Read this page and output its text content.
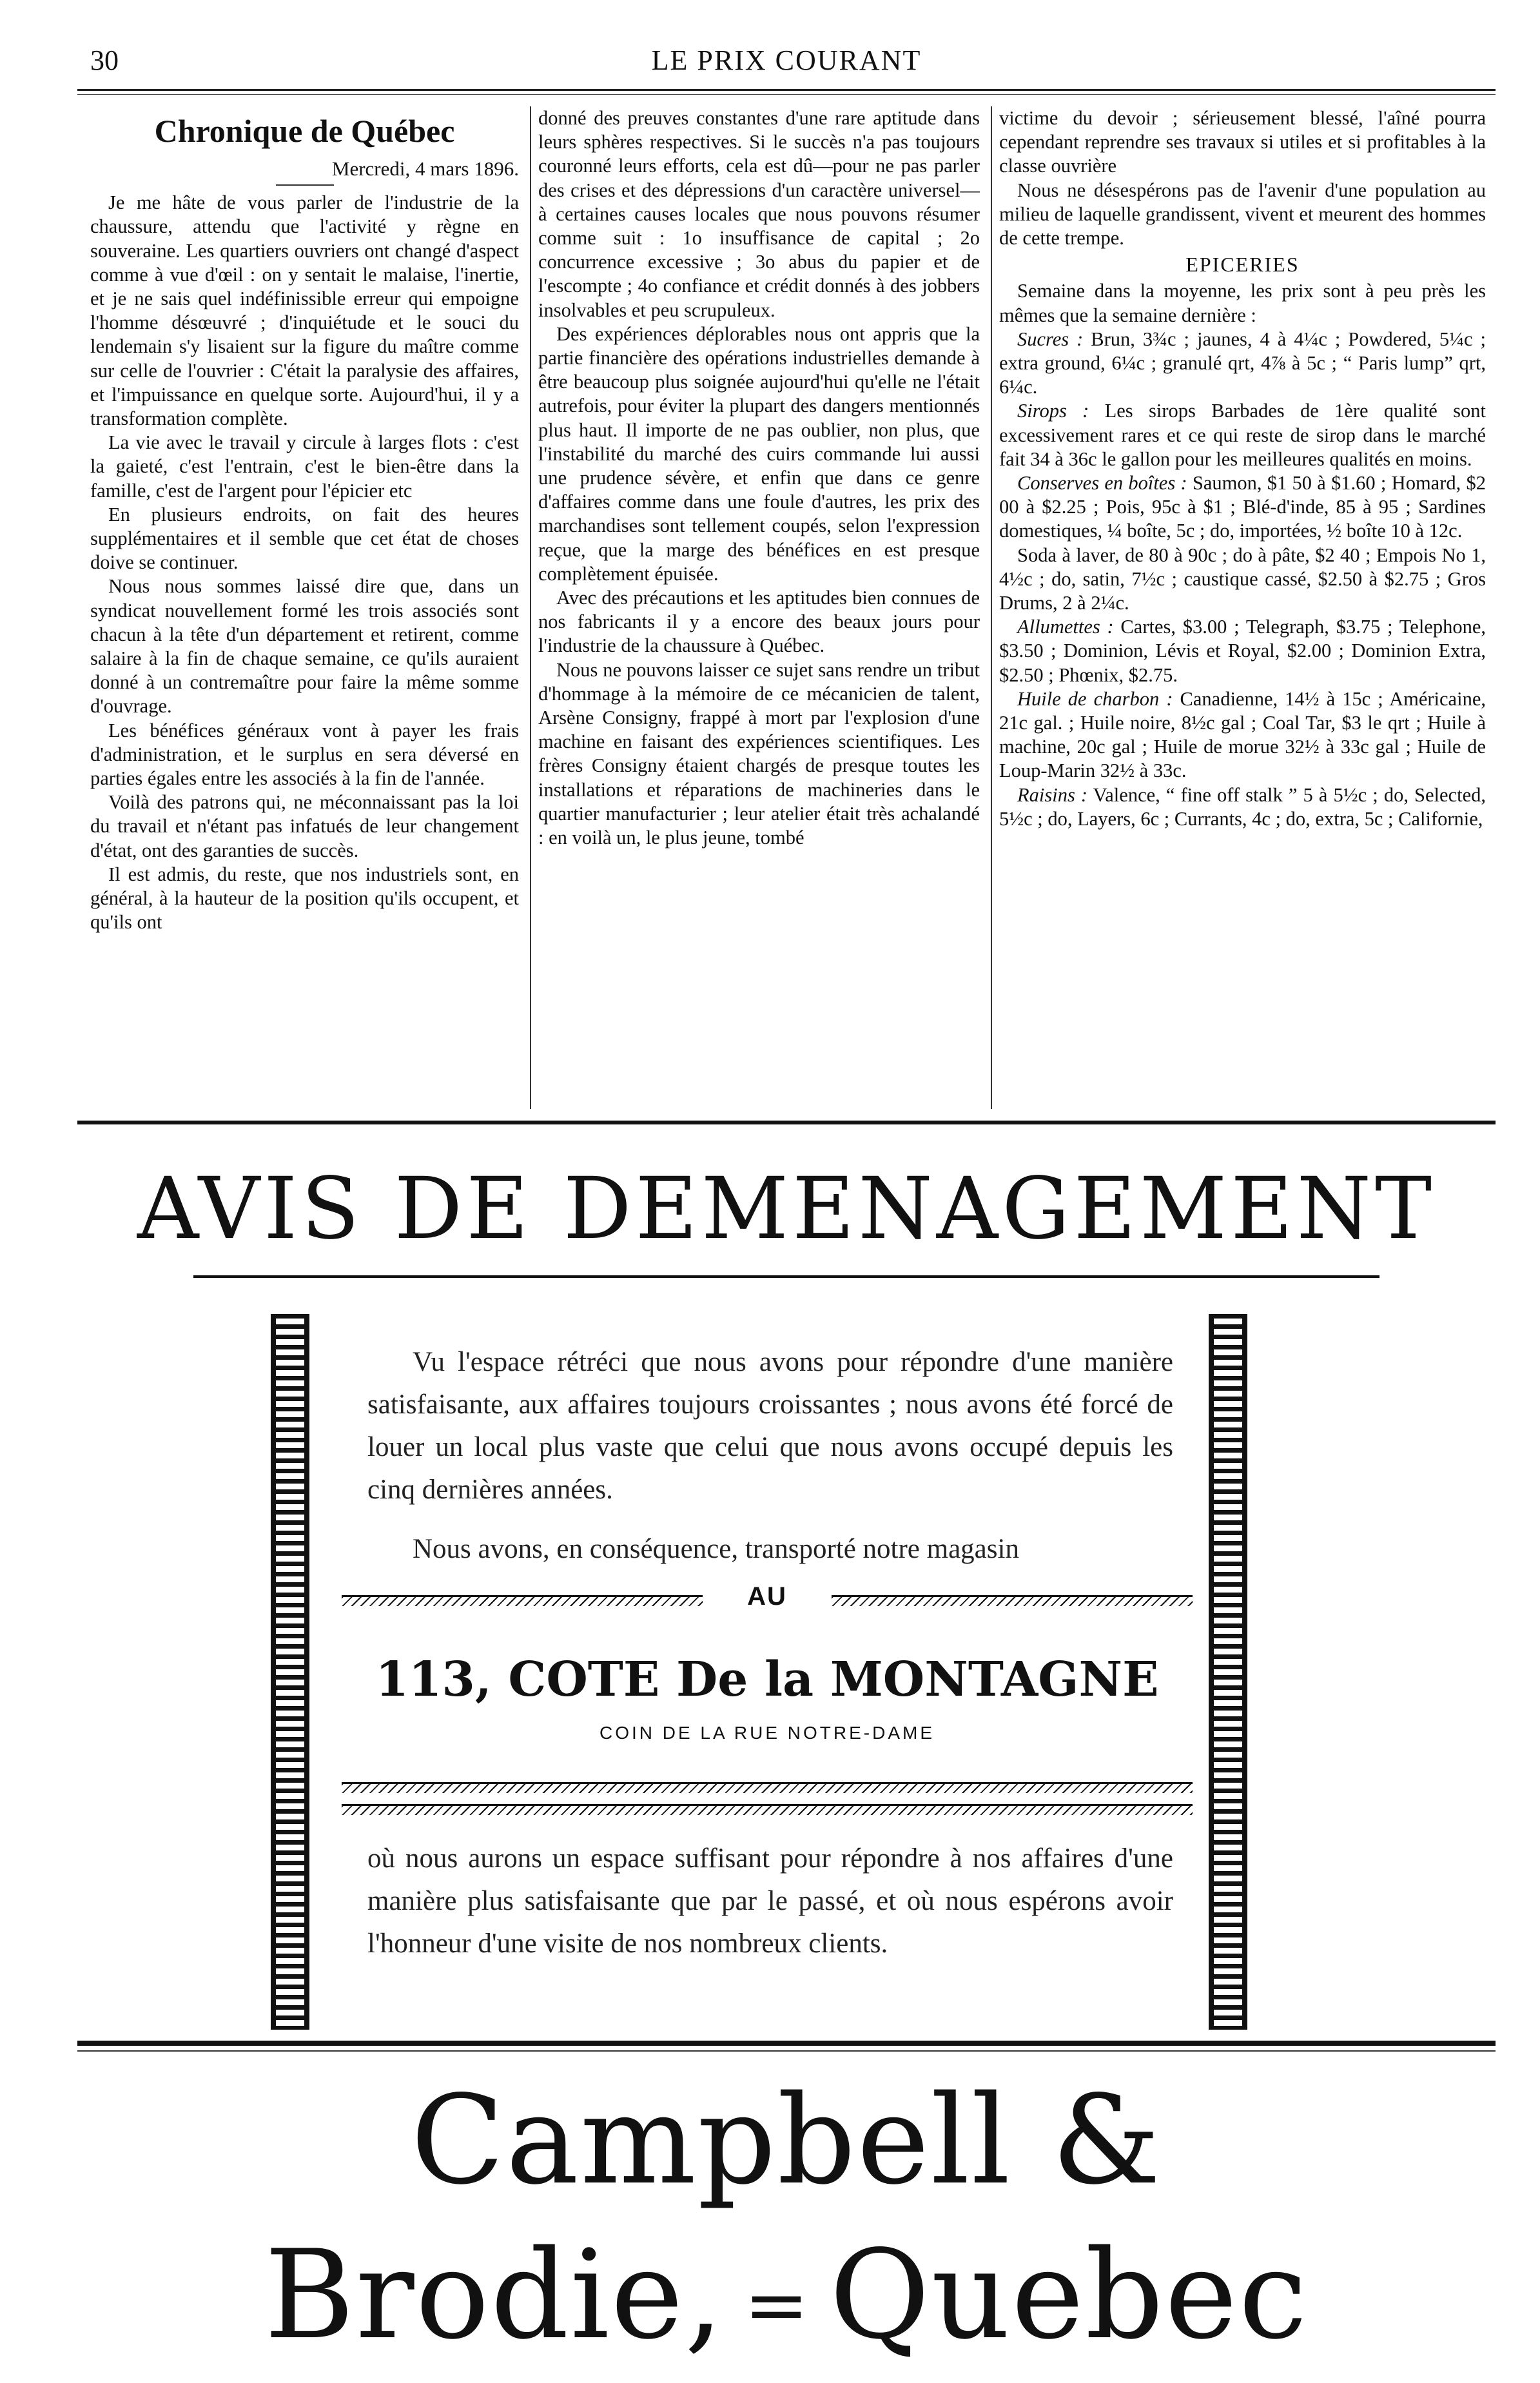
30	LE PRIX COURANT
Chronique de Québec
Mercredi, 4 mars 1896.

Je me hâte de vous parler de l'industrie de la chaussure, attendu que l'activité y règne en souveraine. Les quartiers ouvriers ont changé d'aspect comme à vue d'œil : on y sentait le malaise, l'inertie, et je ne sais quel indéfinissible erreur qui empoigne l'homme désœuvré ; d'inquiétude et le souci du lendemain s'y lisaient sur la figure du maître comme sur celle de l'ouvrier : C'était la paralysie des affaires, et l'impuissance en quelque sorte. Aujourd'hui, il y a transformation complète.

La vie avec le travail y circule à larges flots : c'est la gaieté, c'est l'entrain, c'est le bien-être dans la famille, c'est de l'argent pour l'épicier etc

En plusieurs endroits, on fait des heures supplémentaires et il semble que cet état de choses doive se continuer.

Nous nous sommes laissé dire que, dans un syndicat nouvellement formé les trois associés sont chacun à la tête d'un département et retirent, comme salaire à la fin de chaque semaine, ce qu'ils auraient donné à un contremaître pour faire la même somme d'ouvrage.

Les bénéfices généraux vont à payer les frais d'administration, et le surplus en sera déversé en parties égales entre les associés à la fin de l'année.

Voilà des patrons qui, ne méconnaissant pas la loi du travail et n'étant pas infatués de leur changement d'état, ont des garanties de succès.

Il est admis, du reste, que nos industriels sont, en général, à la hauteur de la position qu'ils occupent, et qu'ils ont

donné des preuves constantes d'une rare aptitude dans leurs sphères respectives. Si le succès n'a pas toujours couronné leurs efforts, cela est dû—pour ne pas parler des crises et des dépressions d'un caractère universel—à certaines causes locales que nous pouvons résumer comme suit : 1o insuffisance de capital ; 2o concurrence excessive ; 3o abus du papier et de l'escompte ; 4o confiance et crédit donnés à des jobbers insolvables et peu scrupuleux.

Des expériences déplorables nous ont appris que la partie financière des opérations industrielles demande à être beaucoup plus soignée aujourd'hui qu'elle ne l'était autrefois, pour éviter la plupart des dangers mentionnés plus haut. Il importe de ne pas oublier, non plus, que l'instabilité du marché des cuirs commande lui aussi une prudence sévère, et enfin que dans ce genre d'affaires comme dans une foule d'autres, les prix des marchandises sont tellement coupés, selon l'expression reçue, que la marge des bénéfices en est presque complètement épuisée.

Avec des précautions et les aptitudes bien connues de nos fabricants il y a encore des beaux jours pour l'industrie de la chaussure à Québec.

Nous ne pouvons laisser ce sujet sans rendre un tribut d'hommage à la mémoire de ce mécanicien de talent, Arsène Consigny, frappé à mort par l'explosion d'une machine en faisant des expériences scientifiques. Les frères Consigny étaient chargés de presque toutes les installations et réparations de machineries dans le quartier manufacturier ; leur atelier était très achalandé : en voilà un, le plus jeune, tombé

victime du devoir ; sérieusement blessé, l'aîné pourra cependant reprendre ses travaux si utiles et si profitables à la classe ouvrière

Nous ne désespérons pas de l'avenir d'une population au milieu de laquelle grandissent, vivent et meurent des hommes de cette trempe.

EPICERIES

Semaine dans la moyenne, les prix sont à peu près les mêmes que la semaine dernière :

Sucres : Brun, 3¾c ; jaunes, 4 à 4¼c ; Powdered, 5¼c ; extra ground, 6¼c ; granulé qrt, 4⅞ à 5c ; “ Paris lump” qrt, 6¼c.

Sirops : Les sirops Barbades de 1ère qualité sont excessivement rares et ce qui reste de sirop dans le marché fait 34 à 36c le gallon pour les meilleures qualités en moins.

Conserves en boîtes : Saumon, $1 50 à $1.60 ; Homard, $2 00 à $2.25 ; Pois, 95c à $1 ; Blé-d'inde, 85 à 95 ; Sardines domestiques, ¼ boîte, 5c ; do, importées, ½ boîte 10 à 12c.

Soda à laver, de 80 à 90c ; do à pâte, $2 40 ; Empois No 1, 4½c ; do, satin, 7½c ; caustique cassé, $2.50 à $2.75 ; Gros Drums, 2 à 2¼c.

Allumettes : Cartes, $3.00 ; Telegraph, $3.75 ; Telephone, $3.50 ; Dominion, Lévis et Royal, $2.00 ; Dominion Extra, $2.50 ; Phœnix, $2.75.

Huile de charbon : Canadienne, 14½ à 15c ; Américaine, 21c gal. ; Huile noire, 8½c gal ; Coal Tar, $3 le qrt ; Huile à machine, 20c gal ; Huile de morue 32½ à 33c gal ; Huile de Loup-Marin 32½ à 33c.

Raisins : Valence, “ fine off stalk ” 5 à 5½c ; do, Selected, 5½c ; do, Layers, 6c ; Currants, 4c ; do, extra, 5c ; Californie,

AVIS DE DEMENAGEMENT

Vu l'espace rétréci que nous avons pour répondre d'une manière satisfaisante, aux affaires toujours croissantes ; nous avons été forcé de louer un local plus vaste que celui que nous avons occupé depuis les cinq dernières années.

Nous avons, en conséquence, transporté notre magasin

AU
113, COTE De la MONTAGNE
COIN DE LA RUE NOTRE-DAME

où nous aurons un espace suffisant pour répondre à nos affaires d'une manière plus satisfaisante que par le passé, et où nous espérons avoir l'honneur d'une visite de nos nombreux clients.

Campbell & Brodie, = Quebec
